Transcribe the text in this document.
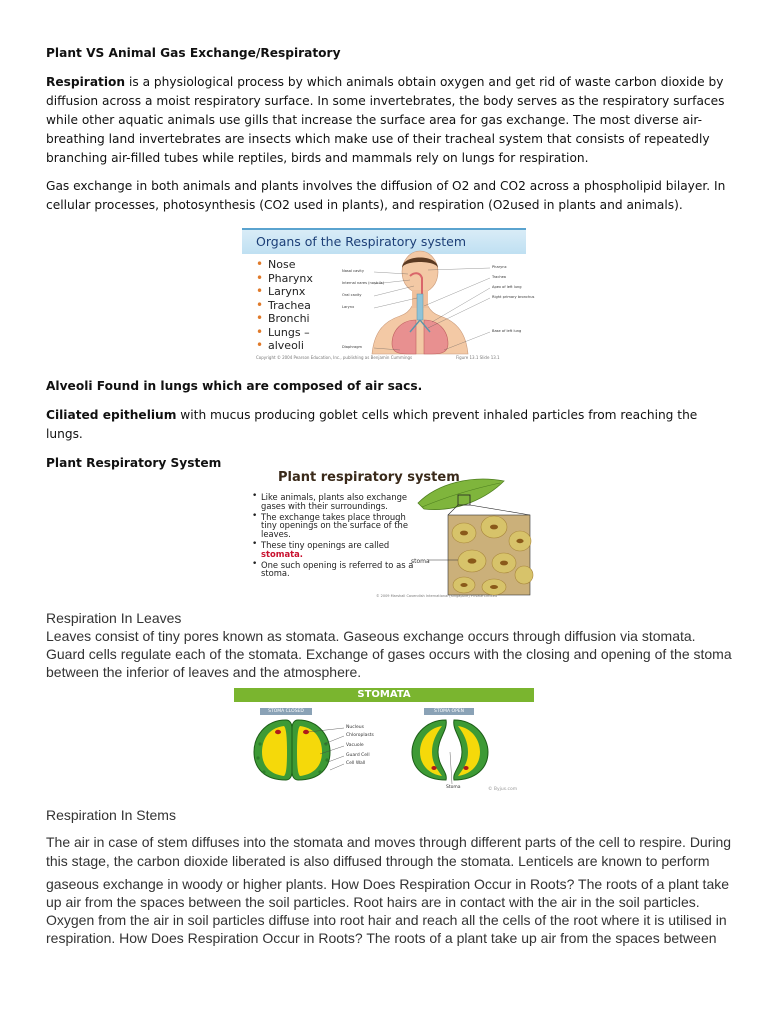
Plant VS Animal Gas Exchange/Respiratory

Respiration is a physiological process by which animals obtain oxygen and get rid of waste carbon dioxide by diffusion across a moist respiratory surface. In some invertebrates, the body serves as the respiratory surfaces while other aquatic animals use gills that increase the surface area for gas exchange. The most diverse air-breathing land invertebrates are insects which make use of their tracheal system that consists of repeatedly branching air-filled tubes while reptiles, birds and mammals rely on lungs for respiration.

Gas exchange in both animals and plants involves the diffusion of O2 and CO2 across a phospholipid bilayer. In cellular processes, photosynthesis (CO2 used in plants), and respiration (O2used in plants and animals).

Organs of the Respiratory system
• Nose
• Pharynx
• Larynx
• Trachea
• Bronchi
• Lungs –
• alveoli
Nasal cavity
Internal nares (nostrils)
Oral cavity
Larynx
Diaphragm
Pharynx
Trachea
Apex of left lung
Right primary bronchus
Base of left lung
Copyright © 2004 Pearson Education, Inc., publishing as Benjamin Cummings	Figure 13.1 Slide 13.1

Alveoli Found in lungs which are composed of air sacs.

Ciliated epithelium with mucus producing goblet cells which prevent inhaled particles from reaching the lungs.

Plant Respiratory System

Plant respiratory system
• Like animals, plants also exchange gases with their surroundings.
• The exchange takes place through tiny openings on the surface of the leaves.
• These tiny openings are called stomata.
• One such opening is referred to as a stoma.
stoma
© 2009 Marshall Cavendish International (Singapore) Private Limited

Respiration In Leaves

Leaves consist of tiny pores known as stomata. Gaseous exchange occurs through diffusion via stomata.

Guard cells regulate each of the stomata. Exchange of gases occurs with the closing and opening of the stoma

between the inferior of leaves and the atmosphere.

STOMATA
STOMA CLOSED	STOMA OPEN
Nucleus
Chloroplasts
Vacuole
Guard Cell
Cell Wall
Stoma	© Byjus.com

Respiration In Stems

The air in case of stem diffuses into the stomata and moves through different parts of the cell to respire. During
this stage, the carbon dioxide liberated is also diffused through the stomata. Lenticels are known to perform
gaseous exchange in woody or higher plants. How Does Respiration Occur in Roots? The roots of a plant take
up air from the spaces between the soil particles. Root hairs are in contact with the air in the soil particles.
Oxygen from the air in soil particles diffuse into root hair and reach all the cells of the root where it is utilised in
respiration. How Does Respiration Occur in Roots? The roots of a plant take up air from the spaces between
